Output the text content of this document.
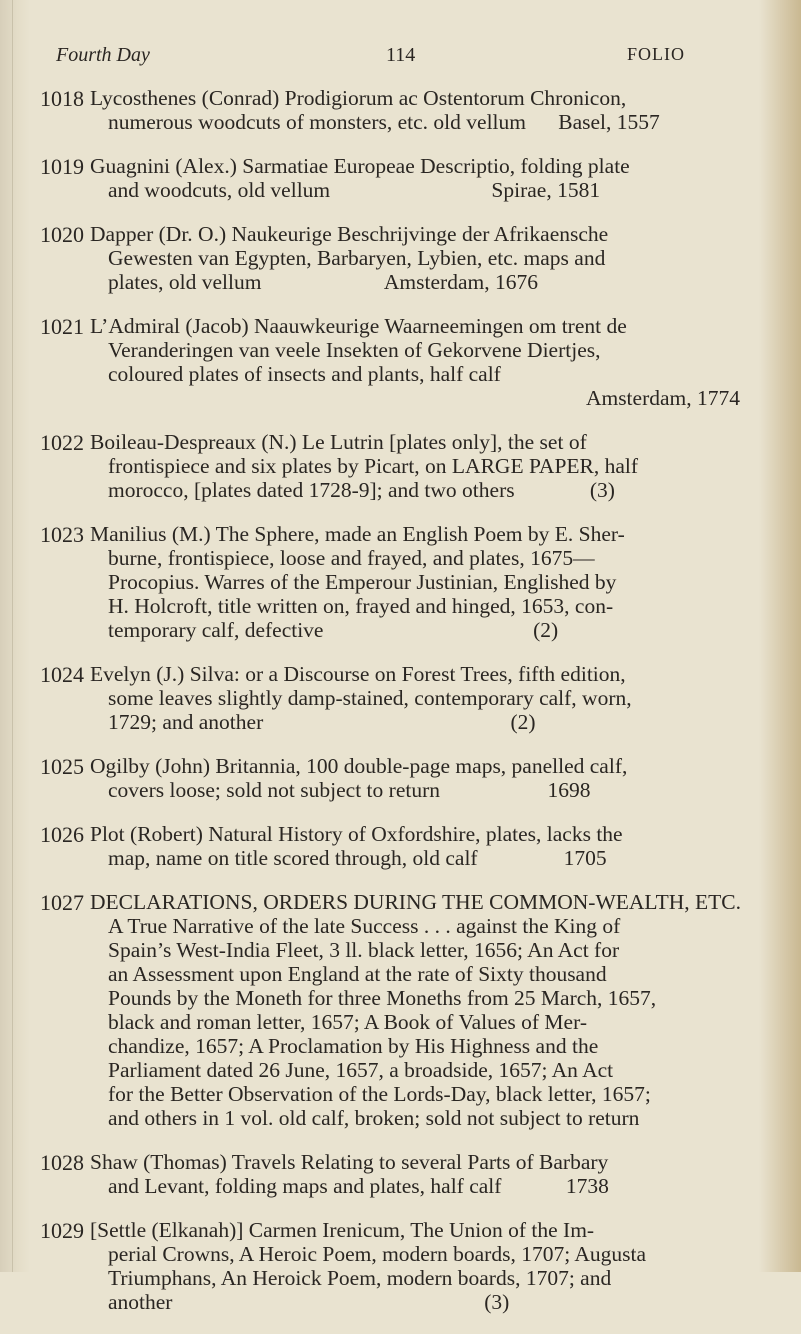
Fourth Day	114	FOLIO
1018 Lycosthenes (Conrad) Prodigiorum ac Ostentorum Chronicon,
numerous woodcuts of monsters, etc. old vellum      Basel, 1557
1019 Guagnini (Alex.) Sarmatiae Europeae Descriptio, folding plate
and woodcuts, old vellum                              Spirae, 1581
1020 Dapper (Dr. O.) Naukeurige Beschrijvinge der Afrikaensche
Gewesten van Egypten, Barbaryen, Lybien, etc. maps and
plates, old vellum                       Amsterdam, 1676
1021 L’Admiral (Jacob) Naauwkeurige Waarneemingen om trent de
Veranderingen van veele Insekten of Gekorvene Diertjes,
coloured plates of insects and plants, half calf
Amsterdam, 1774
1022 Boileau-Despreaux (N.) Le Lutrin [plates only], the set of
frontispiece and six plates by Picart, on LARGE PAPER, half
morocco, [plates dated 1728-9]; and two others              (3)
1023 Manilius (M.) The Sphere, made an English Poem by E. Sher-
burne, frontispiece, loose and frayed, and plates, 1675—
Procopius. Warres of the Emperour Justinian, Englished by
H. Holcroft, title written on, frayed and hinged, 1653, con-
temporary calf, defective                                       (2)
1024 Evelyn (J.) Silva: or a Discourse on Forest Trees, fifth edition,
some leaves slightly damp-stained, contemporary calf, worn,
1729; and another                                              (2)
1025 Ogilby (John) Britannia, 100 double-page maps, panelled calf,
covers loose; sold not subject to return                    1698
1026 Plot (Robert) Natural History of Oxfordshire, plates, lacks the
map, name on title scored through, old calf                1705
1027 DECLARATIONS, ORDERS DURING THE COMMON-WEALTH, ETC.
A True Narrative of the late Success . . . against the King of
Spain’s West-India Fleet, 3 ll. black letter, 1656; An Act for
an Assessment upon England at the rate of Sixty thousand
Pounds by the Moneth for three Moneths from 25 March, 1657,
black and roman letter, 1657; A Book of Values of Mer-
chandize, 1657; A Proclamation by His Highness and the
Parliament dated 26 June, 1657, a broadside, 1657; An Act
for the Better Observation of the Lords-Day, black letter, 1657;
and others in 1 vol. old calf, broken; sold not subject to return
1028 Shaw (Thomas) Travels Relating to several Parts of Barbary
and Levant, folding maps and plates, half calf            1738
1029 [Settle (Elkanah)] Carmen Irenicum, The Union of the Im-
perial Crowns, A Heroic Poem, modern boards, 1707; Augusta
Triumphans, An Heroick Poem, modern boards, 1707; and
another                                                          (3)
